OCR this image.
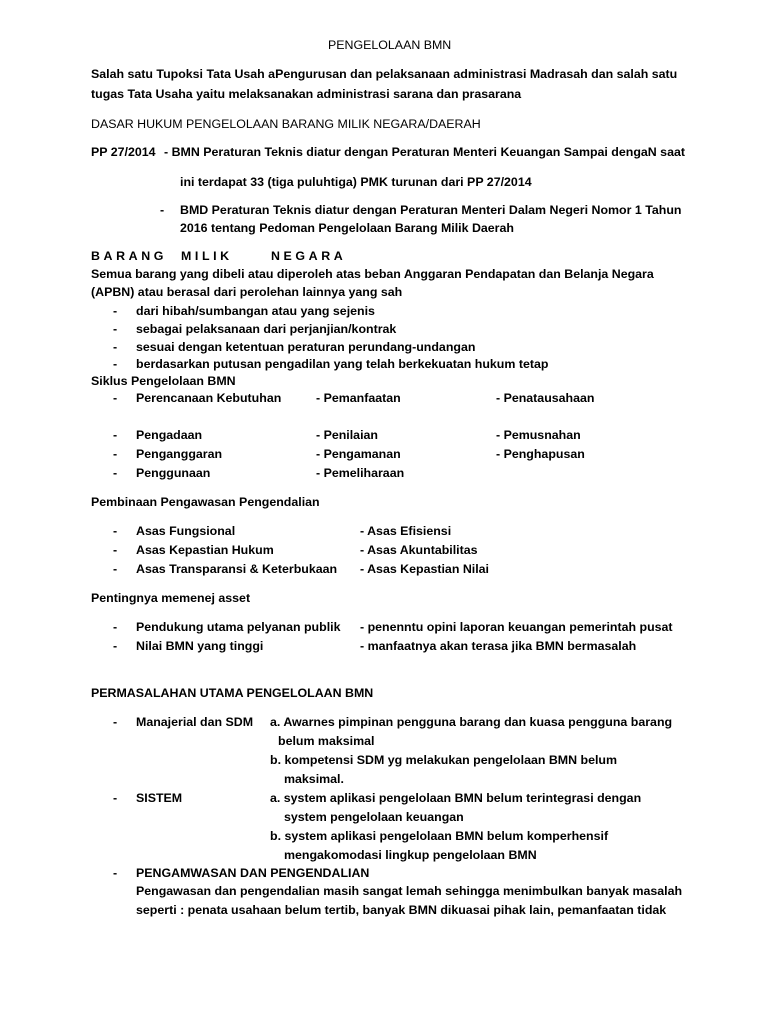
PENGELOLAAN BMN
Salah satu Tupoksi Tata Usah aPengurusan dan pelaksanaan administrasi Madrasah dan salah satu
tugas Tata Usaha yaitu melaksanakan administrasi sarana dan prasarana
DASAR HUKUM PENGELOLAAN BARANG MILIK NEGARA/DAERAH
PP 27/2014 - BMN Peraturan Teknis diatur dengan Peraturan Menteri Keuangan Sampai dengaN saat
ini terdapat 33 (tiga puluhtiga) PMK turunan dari PP 27/2014
- BMD Peraturan Teknis diatur dengan Peraturan Menteri Dalam Negeri Nomor 1 Tahun
2016 tentang Pedoman Pengelolaan Barang Milik Daerah
BARANG MILIK	NEGARA
Semua barang yang dibeli atau diperoleh atas beban Anggaran Pendapatan dan Belanja Negara
(APBN) atau berasal dari perolehan lainnya yang sah
- dari hibah/sumbangan atau yang sejenis
- sebagai pelaksanaan dari perjanjian/kontrak
- sesuai dengan ketentuan peraturan perundang-undangan
- berdasarkan putusan pengadilan yang telah berkekuatan hukum tetap
Siklus Pengelolaan BMN
- Perencanaan Kebutuhan	- Pemanfaatan	- Penatausahaan
- Pengadaan	- Penilaian	- Pemusnahan
- Penganggaran	- Pengamanan	- Penghapusan
- Penggunaan	- Pemeliharaan
Pembinaan Pengawasan Pengendalian
- Asas Fungsional	- Asas Efisiensi
- Asas Kepastian Hukum	- Asas Akuntabilitas
- Asas Transparansi & Keterbukaan - Asas Kepastian Nilai
Pentingnya memenej asset
- Pendukung utama pelyanan publik - penenntu opini laporan keuangan pemerintah pusat
- Nilai BMN yang tinggi	- manfaatnya akan terasa jika BMN bermasalah
PERMASALAHAN UTAMA PENGELOLAAN BMN
- Manajerial dan SDM a. Awarnes pimpinan pengguna barang dan kuasa pengguna barang
belum maksimal
b. kompetensi SDM yg melakukan pengelolaan BMN belum
maksimal.
- SISTEM	a. system aplikasi pengelolaan BMN belum terintegrasi dengan
system pengelolaan keuangan
b. system aplikasi pengelolaan BMN belum komperhensif
mengakomodasi lingkup pengelolaan BMN
- PENGAMWASAN DAN PENGENDALIAN
Pengawasan dan pengendalian masih sangat lemah sehingga menimbulkan banyak masalah
seperti : penata usahaan belum tertib, banyak BMN dikuasai pihak lain, pemanfaatan tidak
